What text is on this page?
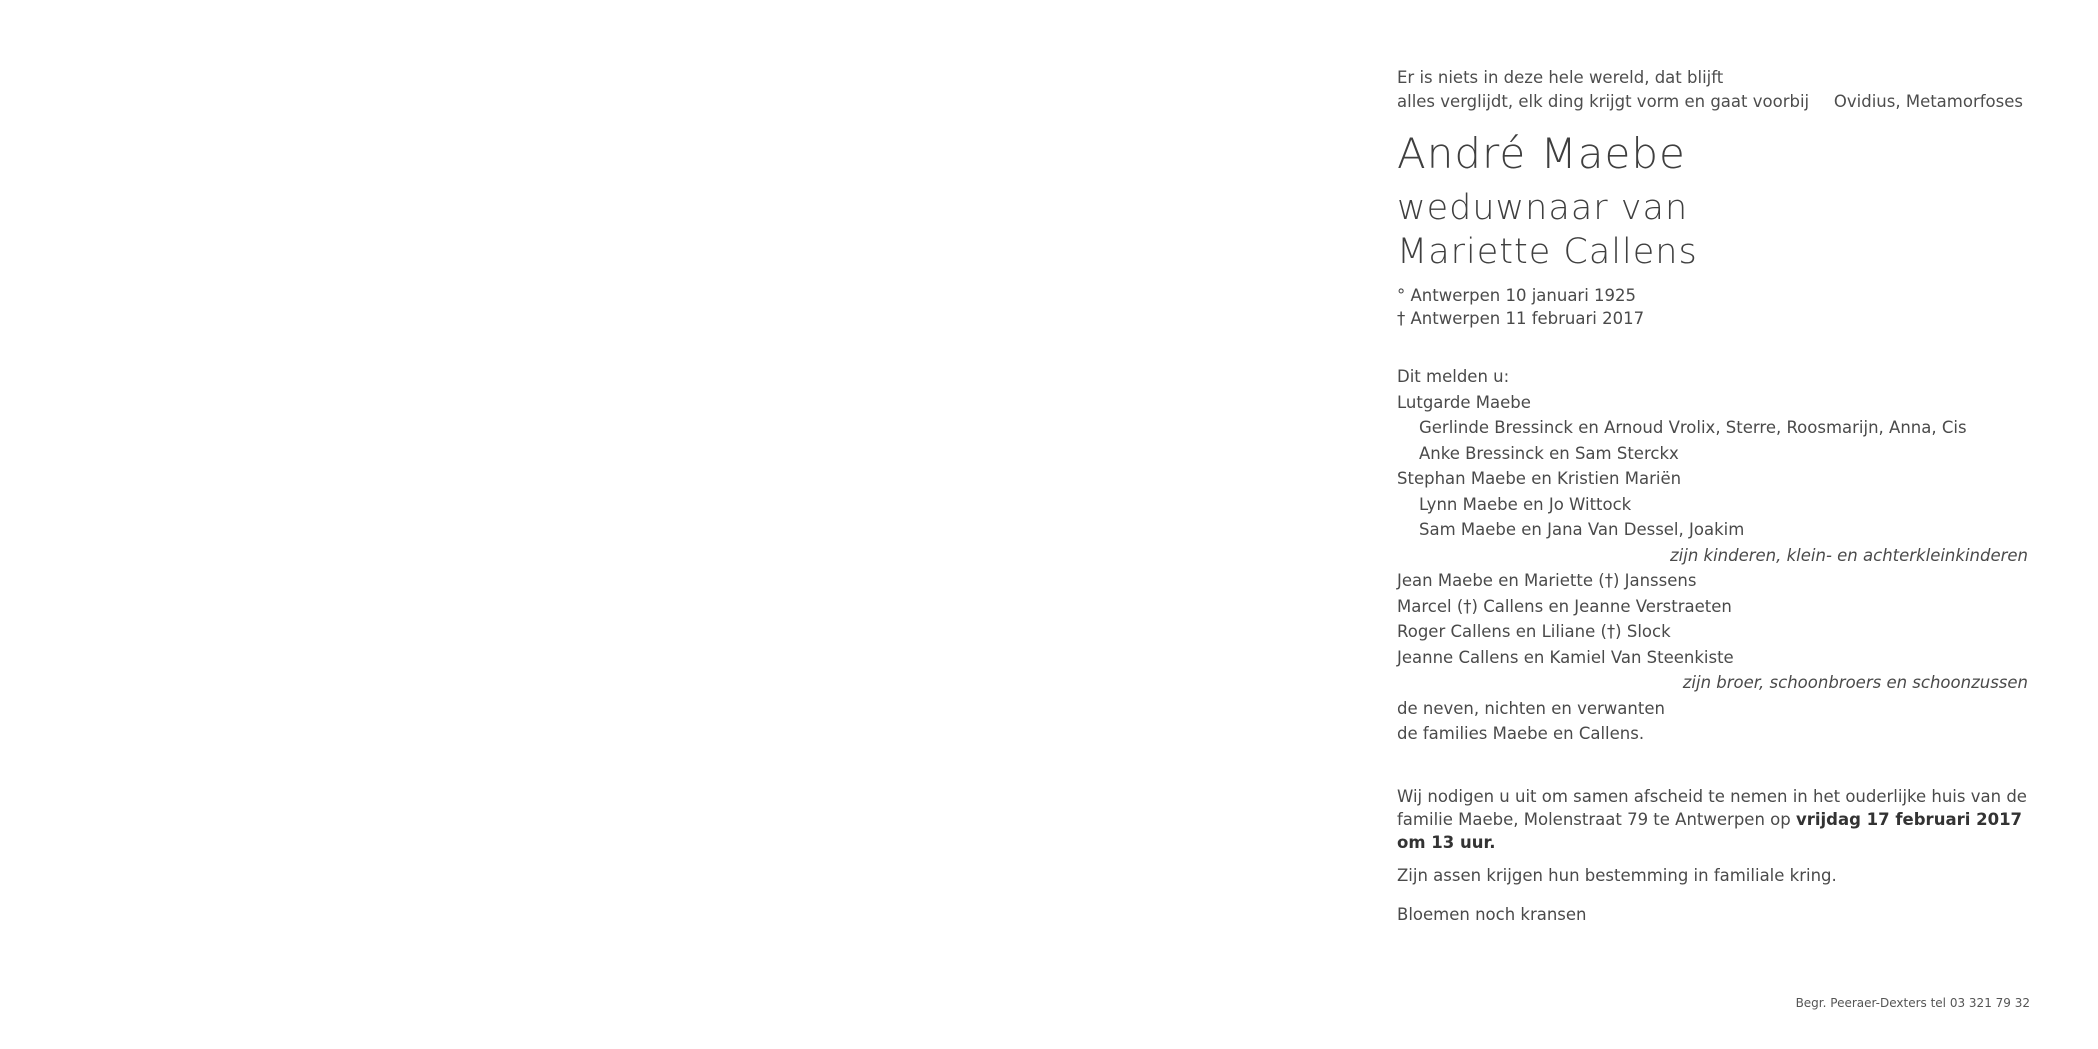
Er is niets in deze hele wereld, dat blijft
alles verglijdt, elk ding krijgt vorm en gaat voorbij Ovidius, Metamorfoses
André Maebe
weduwnaar van
Mariette Callens
° Antwerpen 10 januari 1925
† Antwerpen 11 februari 2017
Dit melden u:
Lutgarde Maebe
Gerlinde Bressinck en Arnoud Vrolix, Sterre, Roosmarijn, Anna, Cis
Anke Bressinck en Sam Sterckx
Stephan Maebe en Kristien Mariën
Lynn Maebe en Jo Wittock
Sam Maebe en Jana Van Dessel, Joakim
zijn kinderen, klein- en achterkleinkinderen
Jean Maebe en Mariette (†) Janssens
Marcel (†) Callens en Jeanne Verstraeten
Roger Callens en Liliane (†) Slock
Jeanne Callens en Kamiel Van Steenkiste
zijn broer, schoonbroers en schoonzussen
de neven, nichten en verwanten
de families Maebe en Callens.
Wij nodigen u uit om samen afscheid te nemen in het ouderlijke huis van de familie Maebe, Molenstraat 79 te Antwerpen op vrijdag 17 februari 2017 om 13 uur.
Zijn assen krijgen hun bestemming in familiale kring.
Bloemen noch kransen
Begr. Peeraer-Dexters tel 03 321 79 32
